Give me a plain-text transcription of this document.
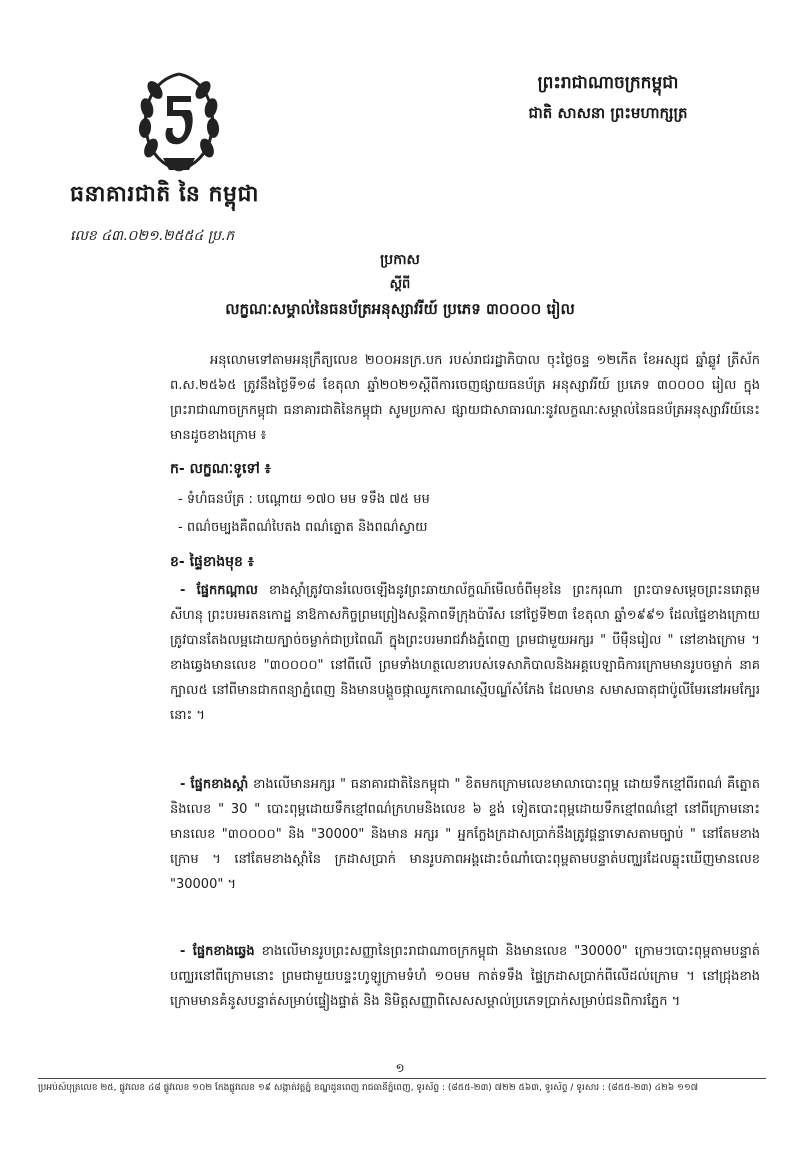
ធនាគារជាតិ នៃ កម្ពុជា
លេខ ៤៣.០២១.២៥៥៤ ប្រ.ក
ព្រះរាជាណាចក្រកម្ពុជា
ជាតិ សាសនា ព្រះមហាក្សត្រ
ប្រកាស
ស្តីពី
លក្ខណៈសម្គាល់នៃធនប័ត្រអនុស្សាវរីយ៍ ប្រភេទ ៣០០០០ រៀល
អនុលោមទៅតាមអនុក្រឹត្យលេខ ២០០អនក្រ.បក របស់រាជរដ្ឋាភិបាល ចុះថ្ងៃចន្ទ ១២កើត ខែអស្សុជ ឆ្នាំឆ្លូវ ត្រីស័ក ព.ស.២៥៦៥ ត្រូវនឹងថ្ងៃទី១៨ ខែតុលា ឆ្នាំ២០២១ស្តីពីការចេញផ្សាយធនប័ត្រ អនុស្សាវរីយ៍ ប្រភេទ ៣០០០០ រៀល ក្នុងព្រះរាជាណាចក្រកម្ពុជា ធនាគារជាតិនៃកម្ពុជា សូមប្រកាស ផ្សាយជាសាធារណៈនូវលក្ខណៈសម្គាល់នៃធនប័ត្រអនុស្សាវរីយ៍នេះ មានដូចខាងក្រោម ៖
ក- លក្ខណៈទូទៅ ៖
- ទំហំធនប័ត្រ : បណ្តោយ ១៧០ មម ទទឹង ៧៥ មម
- ពណ៌ចម្បងគឺពណ៌បៃតង ពណ៌ត្នោត និងពណ៌ស្វាយ
ខ- ផ្ទៃខាងមុខ ៖
- ផ្នែកកណ្តាល ខាងស្តាំត្រូវបានរំលេចឡើងនូវព្រះឆាយាល័ក្ខណ៍មើលចំពីមុខនៃ ព្រះករុណា ព្រះបាទសម្តេចព្រះនរោត្តម សីហនុ ព្រះបរមរតនកោដ្ឋ នាឱកាសកិច្ចព្រមព្រៀងសន្តិភាពទីក្រុងប៉ារីស នៅថ្ងៃទី២៣ ខែតុលា ឆ្នាំ១៩៩១ ដែលផ្ទៃខាងក្រោយត្រូវបានតែងលម្អដោយក្បាច់ចម្លាក់ជាប្រពៃណី ក្នុងព្រះបរមរាជវាំងភ្នំពេញ ព្រមជាមួយអក្សរ " បីម៉ឺនរៀល " នៅខាងក្រោម ។ ខាងឆ្វេងមានលេខ "៣០០០០" នៅពីលើ ព្រមទាំងហត្ថលេខារបស់ទេសាភិបាលនិងអគ្គបេឡាធិការក្រោមមានរូបចម្លាក់ នាគក្បាល៥ នៅពីមានជាកពន្យាភ្នំពេញ និងមានបង្គួចផ្កាឈូកកោណស្មើបណ្ឌ័សំភែង ដែលមាន សមាសធាតុជាប៉ូលីមែរនៅអមក្បែរនោះ ។
- ផ្នែកខាងស្តាំ ខាងលើមានអក្សរ " ធនាគារជាតិនៃកម្ពុជា " ខិតមកក្រោមលេខមាលាបោះពុម្ព ដោយទឹកខ្មៅពីរពណ៌ គឺត្នោតនិងលេខ " 30 " បោះពុម្ពដោយទឹកខ្មៅពណ៌ក្រហមនិងលេខ ៦ ខ្ទង់ ទៀតបោះពុម្ពដោយទឹកខ្មៅពណ៌ខ្មៅ នៅពីក្រោមនោះមានលេខ "៣០០០០" និង "30000" និងមាន អក្សរ " អ្នកក្លែងក្រដាសប្រាក់នឹងត្រូវផ្តន្ទាទោសតាមច្បាប់ " នៅតែមខាងក្រោម ។ នៅតែមខាងស្តាំនៃ ក្រដាសប្រាក់ មានរូបភាពអង្គដោះចំណាំបោះពុម្ពតាមបន្ទាត់បញ្ឈរដែលឆ្លុះឃើញមានលេខ "30000" ។
- ផ្នែកខាងឆ្វេង ខាងលើមានរូបព្រះសញ្ញានៃព្រះរាជាណាចក្រកម្ពុជា និងមានលេខ "30000" ក្រោមៗបោះពុម្ពតាមបន្ទាត់បញ្ឈរនៅពីក្រោមនោះ ព្រមជាមួយបន្ទះហូឡូក្រាមទំហំ ១០មម កាត់ទទឹង ផ្ទៃក្រដាសប្រាក់ពីលើដល់ក្រោម ។ នៅជ្រុងខាងក្រោមមានគំនូសបន្ទាត់សម្រាប់ផ្ទៀងផ្ទាត់ និង និមិត្តសញ្ញាពិសេសសម្គាល់ប្រភេទប្រាក់សម្រាប់ជនពិការភ្នែក ។
១
ប្រអប់សំបុត្រលេខ ២៥, ផ្លូវលេខ ៤៨ ផ្លូវលេខ ១០២ កែងផ្លូវលេខ ១៩ សង្កាត់វត្តភ្នំ ខណ្ឌដូនពេញ រាជធានីភ្នំពេញ, ទូរស័ព្ទ : (៨៥៥-២៣) ៧២២ ៥៦៣, ទូរស័ព្ទ / ទូរសារ : (៨៥៥-២៣) ៤២៦ ១១៧
